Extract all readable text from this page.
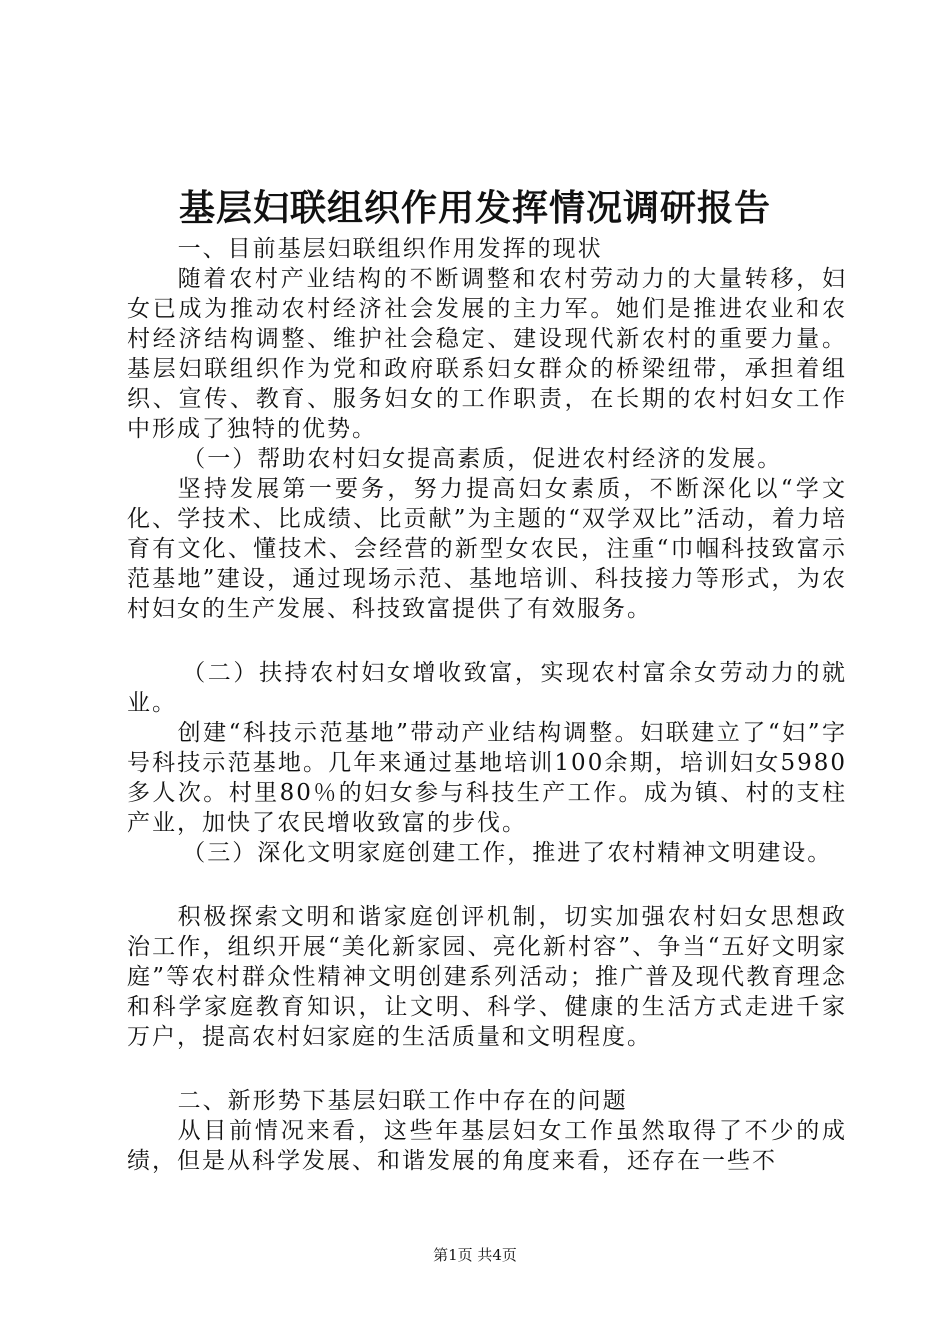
基层妇联组织作用发挥情况调研报告

一、目前基层妇联组织作用发挥的现状

随着农村产业结构的不断调整和农村劳动力的大量转移，妇女已成为推动农村经济社会发展的主力军。她们是推进农业和农村经济结构调整、维护社会稳定、建设现代新农村的重要力量。基层妇联组织作为党和政府联系妇女群众的桥梁纽带，承担着组织、宣传、教育、服务妇女的工作职责，在长期的农村妇女工作中形成了独特的优势。

（一）帮助农村妇女提高素质，促进农村经济的发展。

坚持发展第一要务，努力提高妇女素质，不断深化以“学文化、学技术、比成绩、比贡献”为主题的“双学双比”活动，着力培育有文化、懂技术、会经营的新型女农民，注重“巾帼科技致富示范基地”建设，通过现场示范、基地培训、科技接力等形式，为农村妇女的生产发展、科技致富提供了有效服务。

（二）扶持农村妇女增收致富，实现农村富余女劳动力的就业。

创建“科技示范基地”带动产业结构调整。妇联建立了“妇”字号科技示范基地。几年来通过基地培训100余期，培训妇女5980多人次。村里80％的妇女参与科技生产工作。成为镇、村的支柱产业，加快了农民增收致富的步伐。

（三）深化文明家庭创建工作，推进了农村精神文明建设。

积极探索文明和谐家庭创评机制，切实加强农村妇女思想政治工作，组织开展“美化新家园、亮化新村容”、争当“五好文明家庭”等农村群众性精神文明创建系列活动；推广普及现代教育理念和科学家庭教育知识，让文明、科学、健康的生活方式走进千家万户，提高农村妇家庭的生活质量和文明程度。

二、新形势下基层妇联工作中存在的问题

从目前情况来看，这些年基层妇女工作虽然取得了不少的成绩，但是从科学发展、和谐发展的角度来看，还存在一些不

第1页 共4页
